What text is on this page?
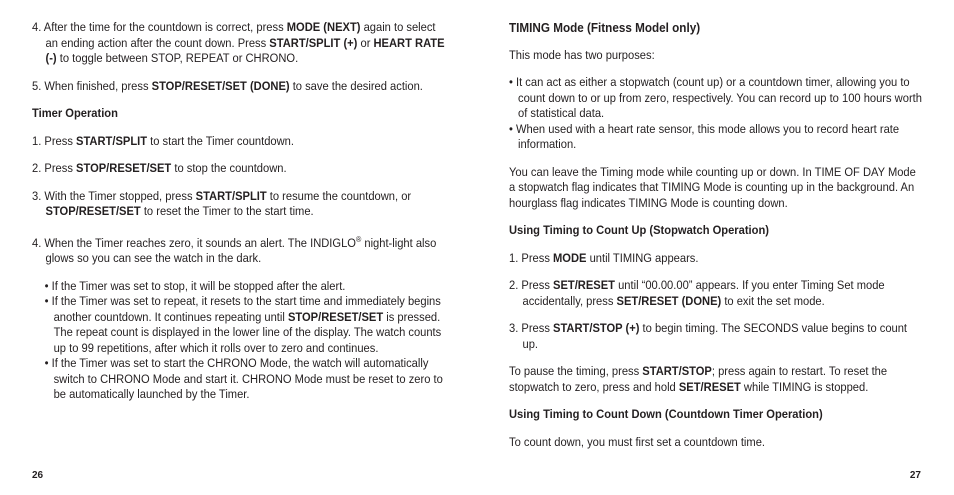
4. After the time for the countdown is correct, press MODE (NEXT) again to select an ending action after the count down. Press START/SPLIT (+) or HEART RATE (-) to toggle between STOP, REPEAT or CHRONO.
5. When finished, press STOP/RESET/SET (DONE) to save the desired action.
Timer Operation
1. Press START/SPLIT to start the Timer countdown.
2. Press STOP/RESET/SET to stop the countdown.
3. With the Timer stopped, press START/SPLIT to resume the countdown, or STOP/RESET/SET to reset the Timer to the start time.
4. When the Timer reaches zero, it sounds an alert. The INDIGLO® night-light also glows so you can see the watch in the dark.
• If the Timer was set to stop, it will be stopped after the alert.
• If the Timer was set to repeat, it resets to the start time and immediately begins another countdown. It continues repeating until STOP/RESET/SET is pressed. The repeat count is displayed in the lower line of the display. The watch counts up to 99 repetitions, after which it rolls over to zero and continues.
• If the Timer was set to start the CHRONO Mode, the watch will automatically switch to CHRONO Mode and start it. CHRONO Mode must be reset to zero to be automatically launched by the Timer.
26
TIMING Mode (Fitness Model only)
This mode has two purposes:
• It can act as either a stopwatch (count up) or a countdown timer, allowing you to count down to or up from zero, respectively. You can record up to 100 hours worth of statistical data.
• When used with a heart rate sensor, this mode allows you to record heart rate information.
You can leave the Timing mode while counting up or down. In TIME OF DAY Mode a stopwatch flag indicates that TIMING Mode is counting up in the background. An hourglass flag indicates TIMING Mode is counting down.
Using Timing to Count Up (Stopwatch Operation)
1. Press MODE until TIMING appears.
2. Press SET/RESET until “00.00.00” appears. If you enter Timing Set mode accidentally, press SET/RESET (DONE) to exit the set mode.
3. Press START/STOP (+) to begin timing. The SECONDS value begins to count up.
To pause the timing, press START/STOP; press again to restart. To reset the stopwatch to zero, press and hold SET/RESET while TIMING is stopped.
Using Timing to Count Down (Countdown Timer Operation)
To count down, you must first set a countdown time.
27
